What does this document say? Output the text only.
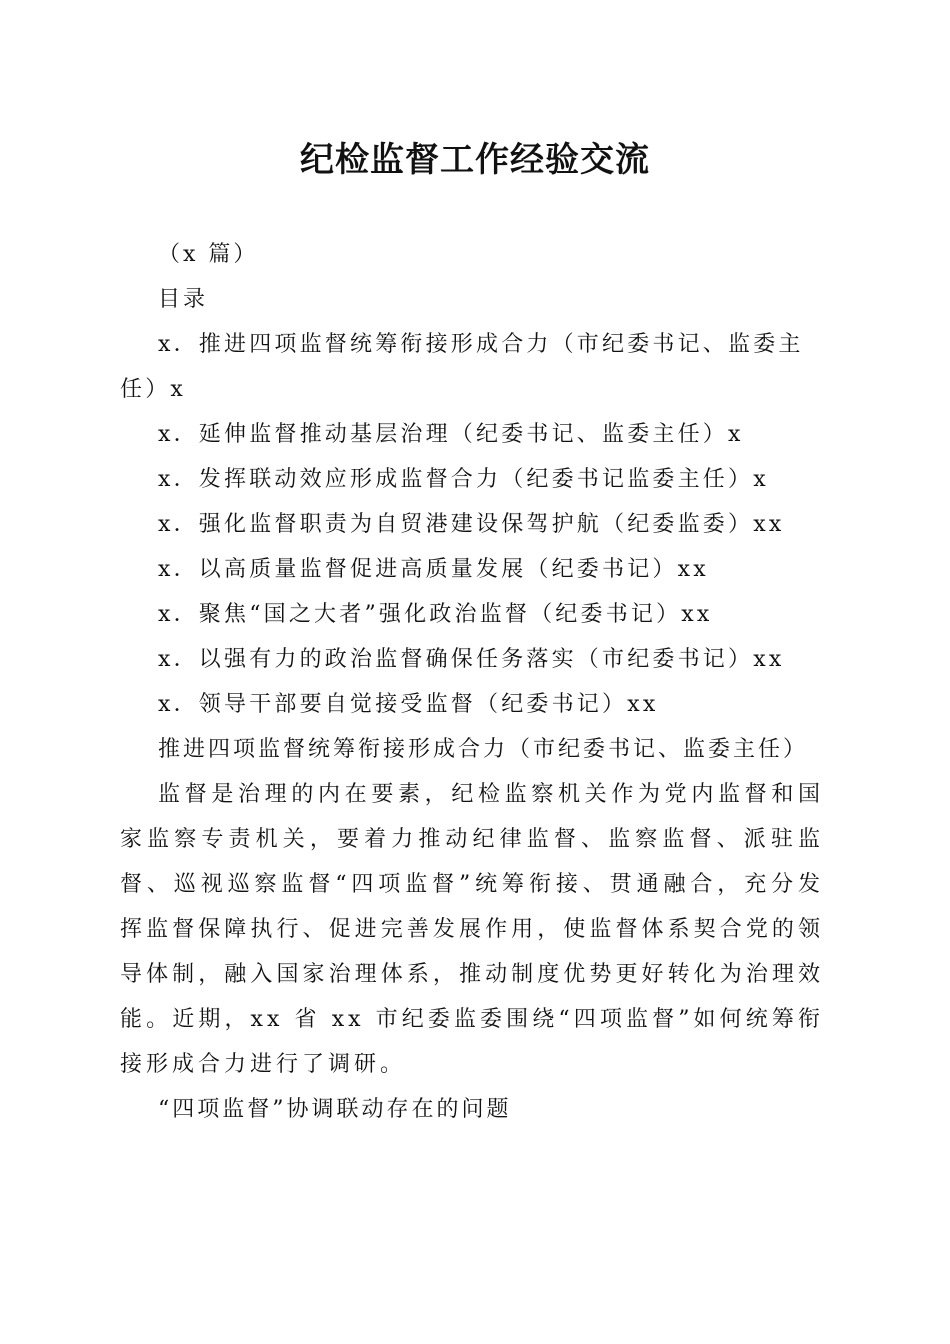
纪检监督工作经验交流

（x 篇）

目录

x．推进四项监督统筹衔接形成合力（市纪委书记、监委主任）x

x．延伸监督推动基层治理（纪委书记、监委主任）x

x．发挥联动效应形成监督合力（纪委书记监委主任）x

x．强化监督职责为自贸港建设保驾护航（纪委监委）xx

x．以高质量监督促进高质量发展（纪委书记）xx

x．聚焦“国之大者”强化政治监督（纪委书记）xx

x．以强有力的政治监督确保任务落实（市纪委书记）xx

x．领导干部要自觉接受监督（纪委书记）xx

推进四项监督统筹衔接形成合力（市纪委书记、监委主任）

监督是治理的内在要素，纪检监察机关作为党内监督和国家监察专责机关，要着力推动纪律监督、监察监督、派驻监督、巡视巡察监督“四项监督”统筹衔接、贯通融合，充分发挥监督保障执行、促进完善发展作用，使监督体系契合党的领导体制，融入国家治理体系，推动制度优势更好转化为治理效能。近期，xx 省 xx 市纪委监委围绕“四项监督”如何统筹衔接形成合力进行了调研。

“四项监督”协调联动存在的问题
